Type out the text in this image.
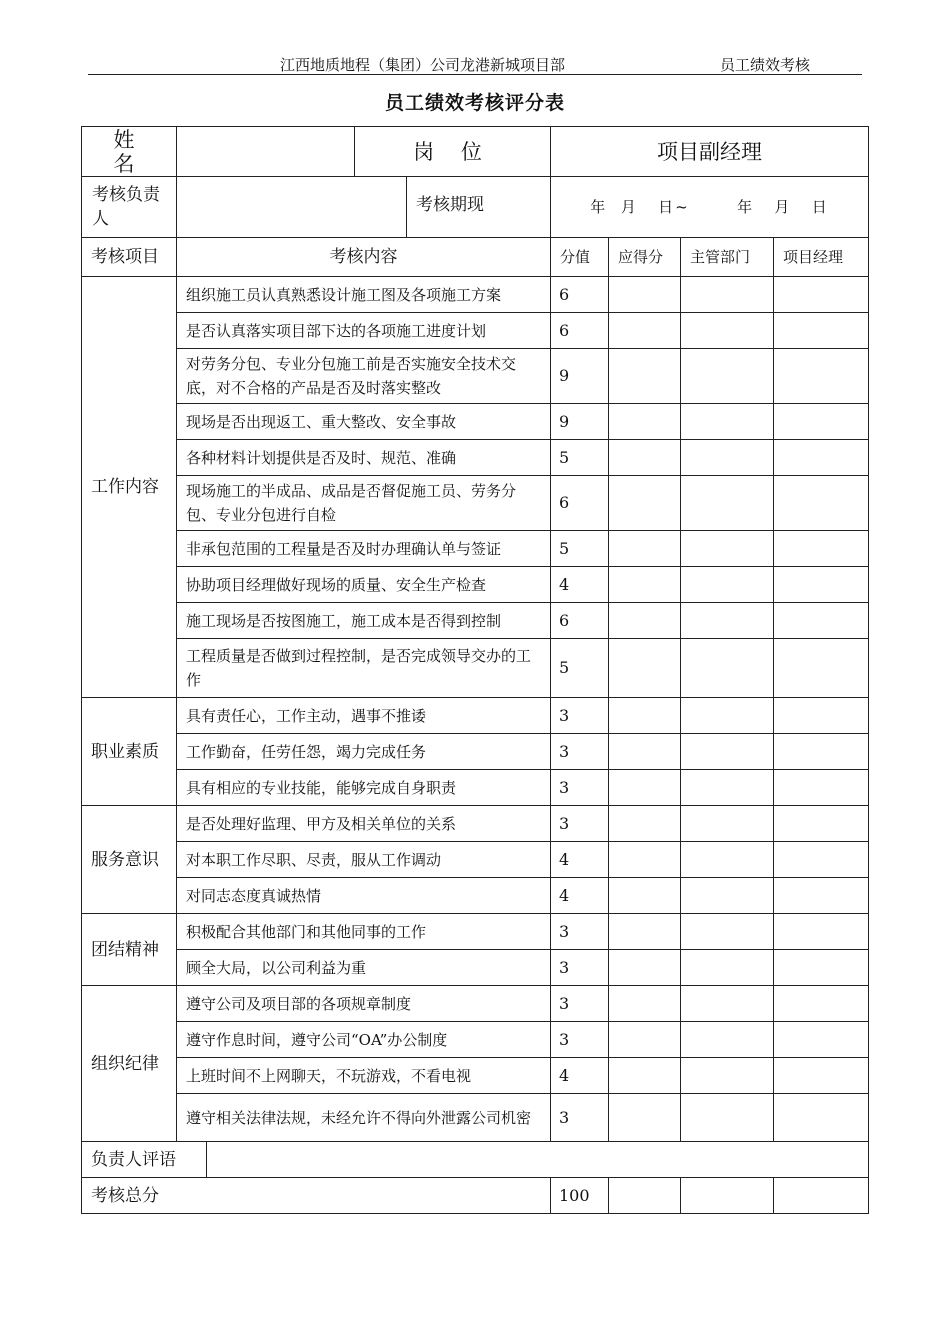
江西地质地程（集团）公司龙港新城项目部	员工绩效考核
员工绩效考核评分表
姓 名			岗 位		项目副经理			
考核负责人				考核期现	年  月   日~       年   月   日			
考核项目	考核内容				分值	应得分	主管部门	项目经理
工作内容	组织施工员认真熟悉设计施工图及各项施工方案				6			
	是否认真落实项目部下达的各项施工进度计划				6			
	对劳务分包、专业分包施工前是否实施安全技术交底，对不合格的产品是否及时落实整改				9			
	现场是否出现返工、重大整改、安全事故				9			
	各种材料计划提供是否及时、规范、准确				5			
	现场施工的半成品、成品是否督促施工员、劳务分包、专业分包进行自检				6			
	非承包范围的工程量是否及时办理确认单与签证				5			
	协助项目经理做好现场的质量、安全生产检查				4			
	施工现场是否按图施工，施工成本是否得到控制				6			
	工程质量是否做到过程控制，是否完成领导交办的工作				5			
职业素质	具有责任心，工作主动，遇事不推诿				3			
	工作勤奋，任劳任怨，竭力完成任务				3			
	具有相应的专业技能，能够完成自身职责				3			
服务意识	是否处理好监理、甲方及相关单位的关系				3			
	对本职工作尽职、尽责，服从工作调动				4			
	对同志态度真诚热情				4			
团结精神	积极配合其他部门和其他同事的工作				3			
	顾全大局，以公司利益为重				3			
组织纪律	遵守公司及项目部的各项规章制度				3			
	遵守作息时间，遵守公司“OA”办公制度				3			
	上班时间不上网聊天，不玩游戏，不看电视				4			
	遵守相关法律法规，未经允许不得向外泄露公司机密				3			
负责人评语								
考核总分					100			
